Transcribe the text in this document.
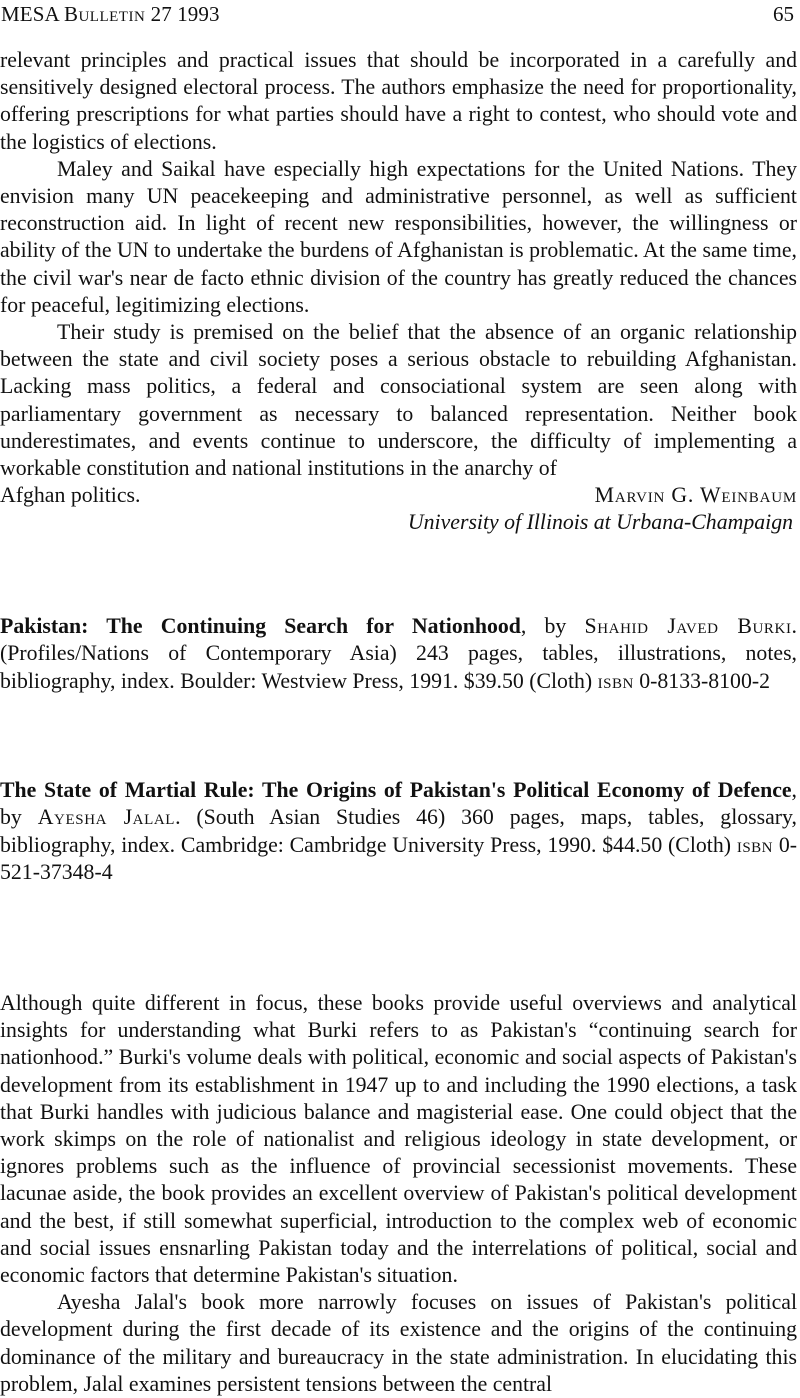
MESA Bulletin 27 1993	65

relevant principles and practical issues that should be incorporated in a carefully and sensitively designed electoral process. The authors emphasize the need for proportionality, offering prescriptions for what parties should have a right to contest, who should vote and the logistics of elections.

Maley and Saikal have especially high expectations for the United Nations. They envision many UN peacekeeping and administrative personnel, as well as sufficient reconstruction aid. In light of recent new responsibilities, however, the willingness or ability of the UN to undertake the burdens of Afghanistan is problematic. At the same time, the civil war's near de facto ethnic division of the country has greatly reduced the chances for peaceful, legitimizing elections.

Their study is premised on the belief that the absence of an organic relationship between the state and civil society poses a serious obstacle to rebuilding Afghanistan. Lacking mass politics, a federal and consociational system are seen along with parliamentary government as necessary to balanced representation. Neither book underestimates, and events continue to underscore, the difficulty of implementing a workable constitution and national institutions in the anarchy of

Afghan politics.	Marvin G. Weinbaum
University of Illinois at Urbana-Champaign
Pakistan: The Continuing Search for Nationhood, by Shahid Javed Burki. (Profiles/Nations of Contemporary Asia) 243 pages, tables, illustrations, notes, bibliography, index. Boulder: Westview Press, 1991. $39.50 (Cloth) isbn 0-8133-8100-2
The State of Martial Rule: The Origins of Pakistan's Political Economy of Defence, by Ayesha Jalal. (South Asian Studies 46) 360 pages, maps, tables, glossary, bibliography, index. Cambridge: Cambridge University Press, 1990. $44.50 (Cloth) isbn 0-521-37348-4

Although quite different in focus, these books provide useful overviews and analytical insights for understanding what Burki refers to as Pakistan's “continuing search for nationhood.” Burki's volume deals with political, economic and social aspects of Pakistan's development from its establishment in 1947 up to and including the 1990 elections, a task that Burki handles with judicious balance and magisterial ease. One could object that the work skimps on the role of nationalist and religious ideology in state development, or ignores problems such as the influence of provincial secessionist movements. These lacunae aside, the book provides an excellent overview of Pakistan's political development and the best, if still somewhat superficial, introduction to the complex web of economic and social issues ensnarling Pakistan today and the interrelations of political, social and economic factors that determine Pakistan's situation.

Ayesha Jalal's book more narrowly focuses on issues of Pakistan's political development during the first decade of its existence and the origins of the continuing dominance of the military and bureaucracy in the state administration. In elucidating this problem, Jalal examines persistent tensions between the central
